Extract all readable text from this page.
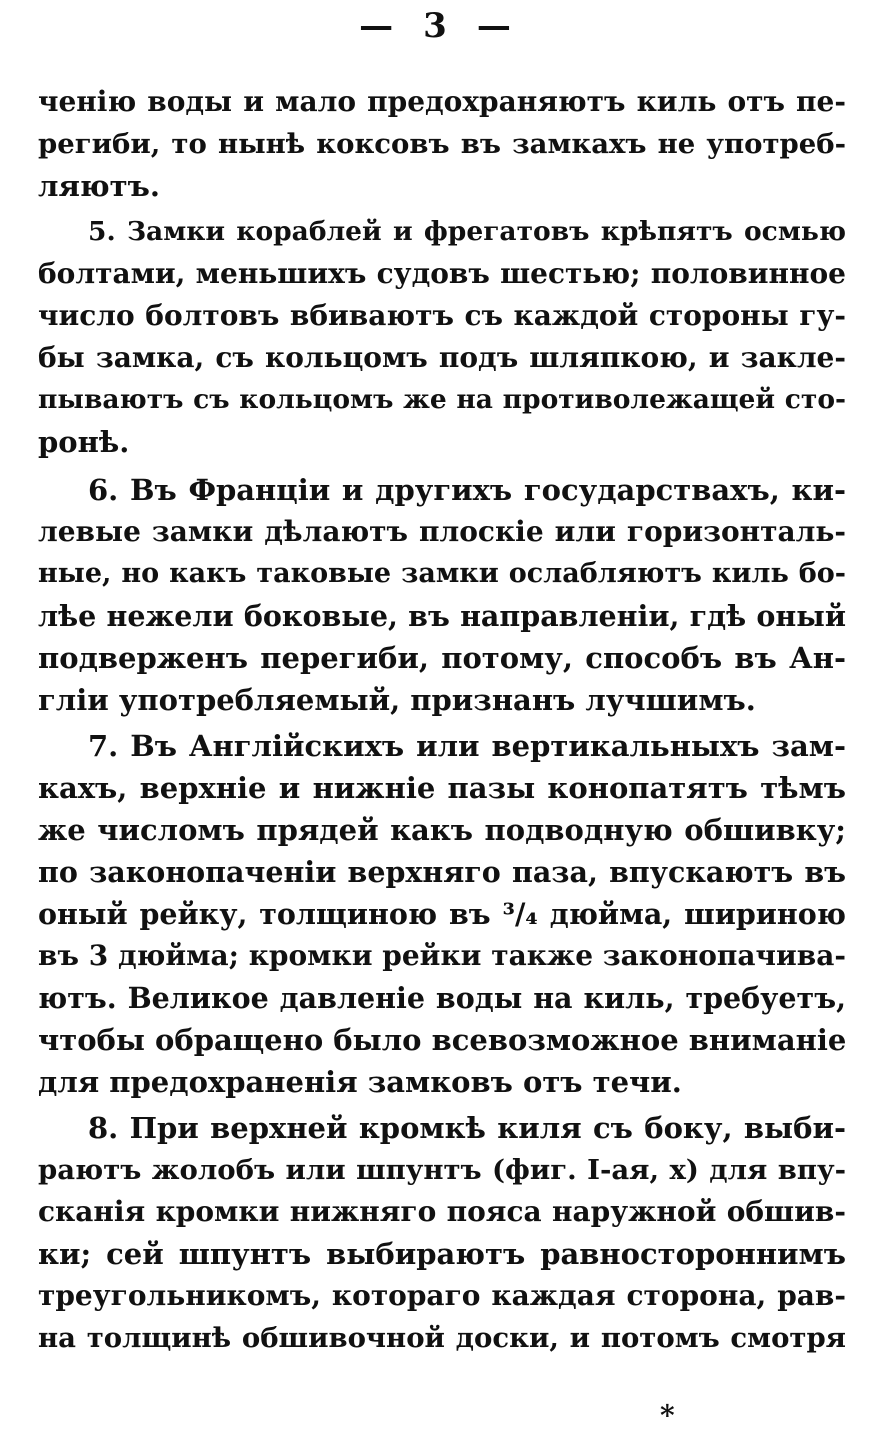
— 3 —
ченію воды и мало предохраняютъ киль отъ пе-
региби, то нынѣ коксовъ въ замкахъ не употреб-
ляютъ.
5. Замки кораблей и фрегатовъ крѣпятъ осмью
болтами, меньшихъ судовъ шестью; половинное
число болтовъ вбиваютъ съ каждой стороны гу-
бы замка, съ кольцомъ подъ шляпкою, и закле-
пываютъ съ кольцомъ же на противолежащей сто-
ронѣ.
6. Въ Франціи и другихъ государствахъ, ки-
левые замки дѣлаютъ плоскіе или горизонталь-
ные, но какъ таковые замки ослабляютъ киль бо-
лѣе нежели боковые, въ направленіи, гдѣ оный
подверженъ перегиби, потому, способъ въ Ан-
гліи употребляемый, признанъ лучшимъ.
7. Въ Англійскихъ или вертикальныхъ зам-
кахъ, верхніе и нижніе пазы конопатятъ тѣмъ
же числомъ прядей какъ подводную обшивку;
по законопаченіи верхняго паза, впускаютъ въ
оный рейку, толщиною въ ³/₄ дюйма, шириною
въ 3 дюйма; кромки рейки также законопачива-
ютъ. Великое давленіе воды на киль, требуетъ,
чтобы обращено было всевозможное вниманіе
для предохраненія замковъ отъ течи.
8. При верхней кромкѣ киля съ боку, выби-
раютъ жолобъ или шпунтъ (фиг. I-ая, x) для впу-
сканія кромки нижняго пояса наружной обшив-
ки; сей шпунтъ выбираютъ равностороннимъ
треугольникомъ, котораго каждая сторона, рав-
на толщинѣ обшивочной доски, и потомъ смотря
*
